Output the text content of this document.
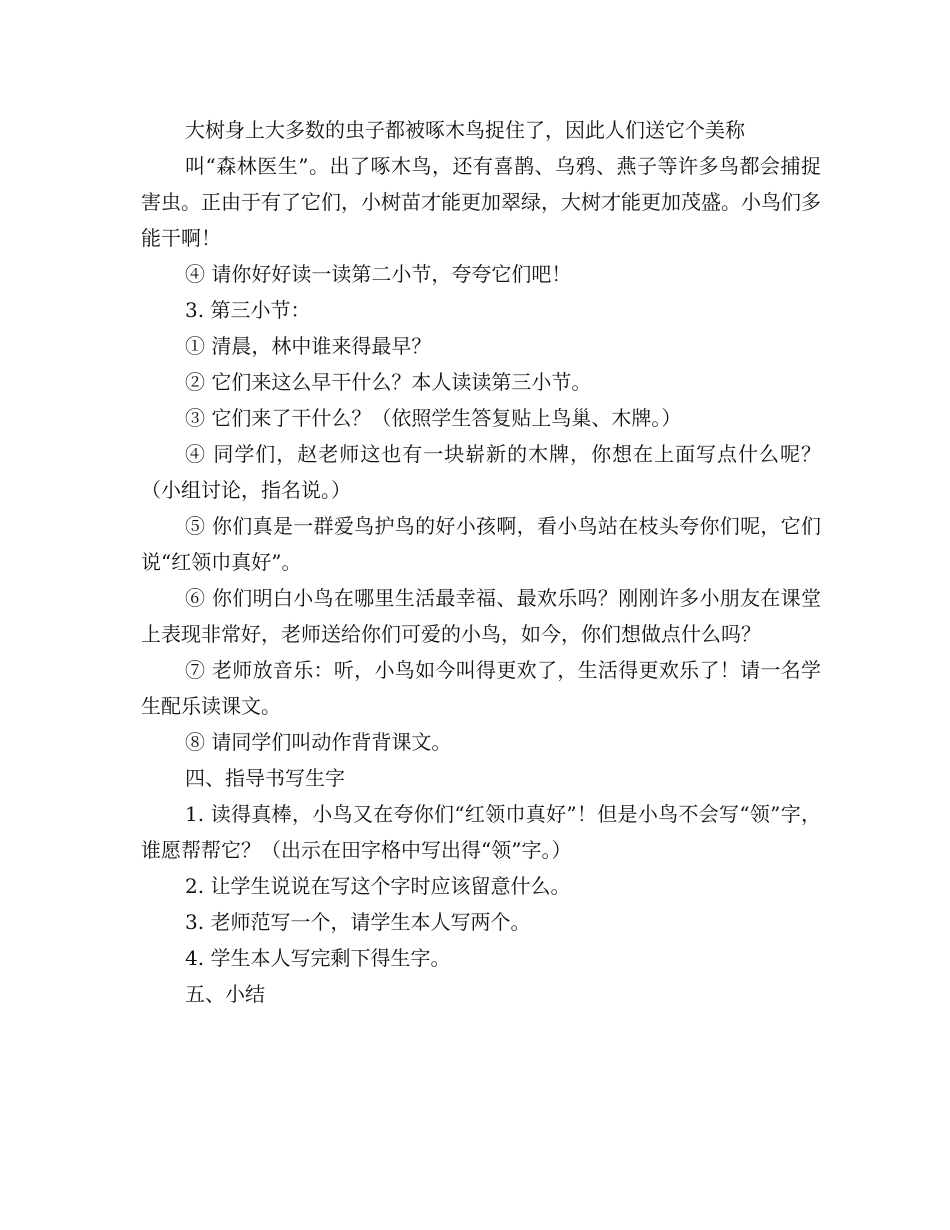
大树身上大多数的虫子都被啄木鸟捉住了，因此人们送它个美称

叫“森林医生”。出了啄木鸟，还有喜鹊、乌鸦、燕子等许多鸟都会捕捉害虫。正由于有了它们，小树苗才能更加翠绿，大树才能更加茂盛。小鸟们多能干啊！

④ 请你好好读一读第二小节，夸夸它们吧！

3. 第三小节：

① 清晨，林中谁来得最早？

② 它们来这么早干什么？本人读读第三小节。

③ 它们来了干什么？（依照学生答复贴上鸟巢、木牌。）

④ 同学们，赵老师这也有一块崭新的木牌，你想在上面写点什么呢？（小组讨论，指名说。）

⑤ 你们真是一群爱鸟护鸟的好小孩啊，看小鸟站在枝头夸你们呢，它们说“红领巾真好”。

⑥ 你们明白小鸟在哪里生活最幸福、最欢乐吗？刚刚许多小朋友在课堂上表现非常好，老师送给你们可爱的小鸟，如今，你们想做点什么吗？

⑦ 老师放音乐：听，小鸟如今叫得更欢了，生活得更欢乐了！请一名学生配乐读课文。

⑧ 请同学们叫动作背背课文。

四、指导书写生字

1. 读得真棒，小鸟又在夸你们“红领巾真好”！但是小鸟不会写“领”字，谁愿帮帮它？（出示在田字格中写出得“领”字。）

2. 让学生说说在写这个字时应该留意什么。

3. 老师范写一个，请学生本人写两个。

4. 学生本人写完剩下得生字。

五、小结
